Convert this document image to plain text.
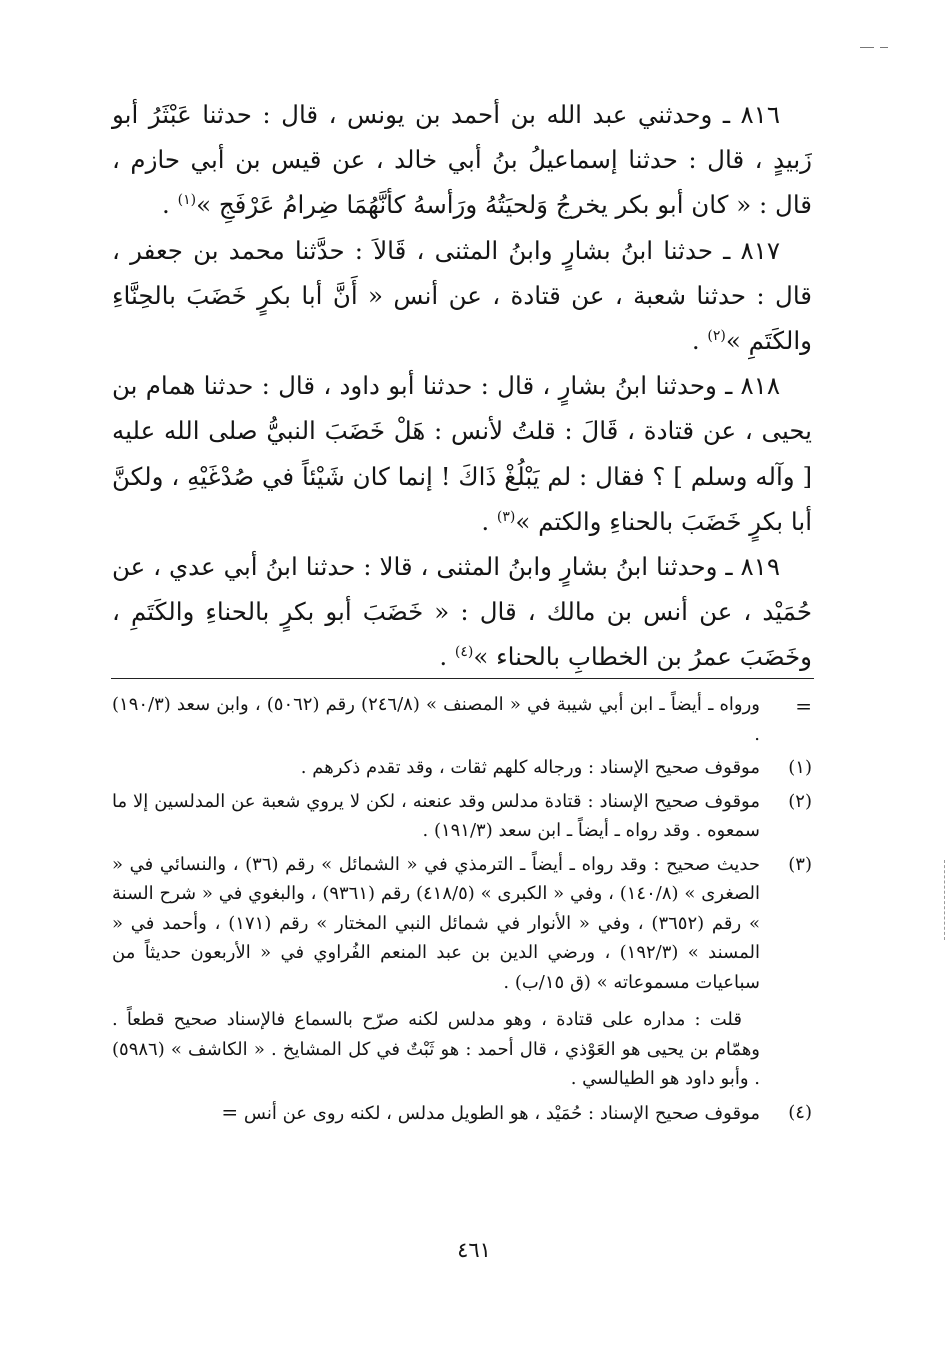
٨١٦ ـ وحدثني عبد الله بن أحمد بن يونس ، قال : حدثنا عَبْثَرُ أبو زَبيدٍ ، قال : حدثنا إسماعيلُ بنُ أبي خالد ، عن قيس بن أبي حازم ، قال : « كان أبو بكر يخرجُ وَلحيَتُهُ ورَأسهُ كأنَّهُمَا ضِرامُ عَرْفَجِ »$^{(١)}$ .

٨١٧ ـ حدثنا ابنُ بشارٍ وابنُ المثنى ، قَالاَ : حدَّثنا محمد بن جعفر ، قال : حدثنا شعبة ، عن قتادة ، عن أنس « أَنَّ أبا بكرٍ خَضَبَ بالحِنَّاءِ والكَتَمِ »$^{(٢)}$ .

٨١٨ ـ وحدثنا ابنُ بشارٍ ، قال : حدثنا أبو داود ، قال : حدثنا همام بن يحيى ، عن قتادة ، قَالَ : قلتُ لأنس : هَلْ خَضَبَ النبيُّ صلى الله عليه [ وآله وسلم ] ؟ فقال : لم يَبْلُغْ ذَاكَ ! إنما كان شَيْئاً في صُدْغَيْهِ ، ولكنَّ أبا بكرٍ خَضَبَ بالحناءِ والكتم »$^{(٣)}$ .

٨١٩ ـ وحدثنا ابنُ بشارٍ وابنُ المثنى ، قالا : حدثنا ابنُ أبي عدي ، عن حُمَيْد ، عن أنس بن مالك ، قال : « خَضَبَ أبو بكرٍ بالحناءِ والكَتَمِ ، وخَضَبَ عمرُ بن الخطابِ بالحناء »$^{(٤)}$ .

=
ورواه ـ أيضاً ـ ابن أبي شيبة في « المصنف » (٢٤٦/٨) رقم (٥٠٦٢) ، وابن سعد (١٩٠/٣) .
(١)
موقوف صحيح الإسناد : ورجاله كلهم ثقات ، وقد تقدم ذكرهم .
(٢)
موقوف صحيح الإسناد : قتادة مدلس وقد عنعنه ، لكن لا يروي شعبة عن المدلسين إلا ما سمعوه . وقد رواه ـ أيضاً ـ ابن سعد (١٩١/٣) .
(٣)
حديث صحيح : وقد رواه ـ أيضاً ـ الترمذي في « الشمائل » رقم (٣٦) ، والنسائي في « الصغرى » (١٤٠/٨) ، وفي « الكبرى » (٤١٨/٥) رقم (٩٣٦١) ، والبغوي في « شرح السنة » رقم (٣٦٥٢) ، وفي « الأنوار في شمائل النبي المختار » رقم (١٧١) ، وأحمد في « المسند » (١٩٢/٣) ، ورضي الدين بن عبد المنعم الفُراوي في « الأربعون حديثاً من سباعيات مسموعاته » (ق ١٥/ب) .
قلت : مداره على قتادة ، وهو مدلس لكنه صرّح بالسماع فالإسناد صحيح قطعاً . وهمّام بن يحيى هو العَوْذي ، قال أحمد : هو ثَبْتٌ في كل المشايخ . « الكاشف » (٥٩٨٦) . وأبو داود هو الطيالسي .
(٤)
موقوف صحيح الإسناد : حُمَيْد ، هو الطويل مدلس ، لكنه روى عن أنس =
٤٦١
